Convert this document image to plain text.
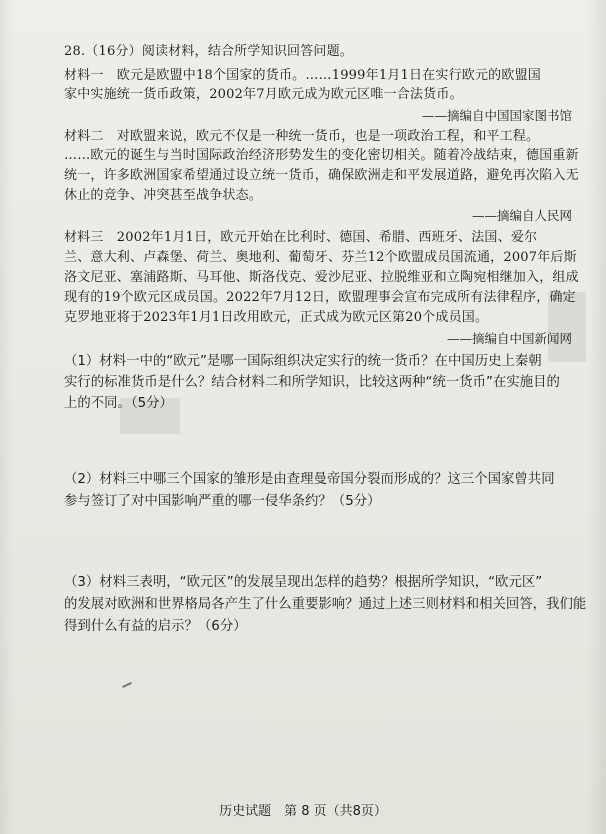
28.（16分）阅读材料，结合所学知识回答问题。
材料一　欧元是欧盟中18个国家的货币。……1999年1月1日在实行欧元的欧盟国
家中实施统一货币政策，2002年7月欧元成为欧元区唯一合法货币。
——摘编自中国国家图书馆
材料二　对欧盟来说，欧元不仅是一种统一货币，也是一项政治工程，和平工程。
……欧元的诞生与当时国际政治经济形势发生的变化密切相关。随着冷战结束，德国重新
统一，许多欧洲国家希望通过设立统一货币，确保欧洲走和平发展道路，避免再次陷入无
休止的竞争、冲突甚至战争状态。
——摘编自人民网
材料三　2002年1月1日，欧元开始在比利时、德国、希腊、西班牙、法国、爱尔
兰、意大利、卢森堡、荷兰、奥地利、葡萄牙、芬兰12个欧盟成员国流通，2007年后斯
洛文尼亚、塞浦路斯、马耳他、斯洛伐克、爱沙尼亚、拉脱维亚和立陶宛相继加入，组成
现有的19个欧元区成员国。2022年7月12日，欧盟理事会宣布完成所有法律程序，确定
克罗地亚将于2023年1月1日改用欧元，正式成为欧元区第20个成员国。
——摘编自中国新闻网
（1）材料一中的“欧元”是哪一国际组织决定实行的统一货币？在中国历史上秦朝
实行的标准货币是什么？结合材料二和所学知识，比较这两种“统一货币”在实施目的
上的不同。（5分）
（2）材料三中哪三个国家的雏形是由查理曼帝国分裂而形成的？这三个国家曾共同
参与签订了对中国影响严重的哪一侵华条约？（5分）
（3）材料三表明，“欧元区”的发展呈现出怎样的趋势？根据所学知识，“欧元区”
的发展对欧洲和世界格局各产生了什么重要影响？通过上述三则材料和相关回答，我们能
得到什么有益的启示？（6分）
历史试题　第 8 页（共8页）
